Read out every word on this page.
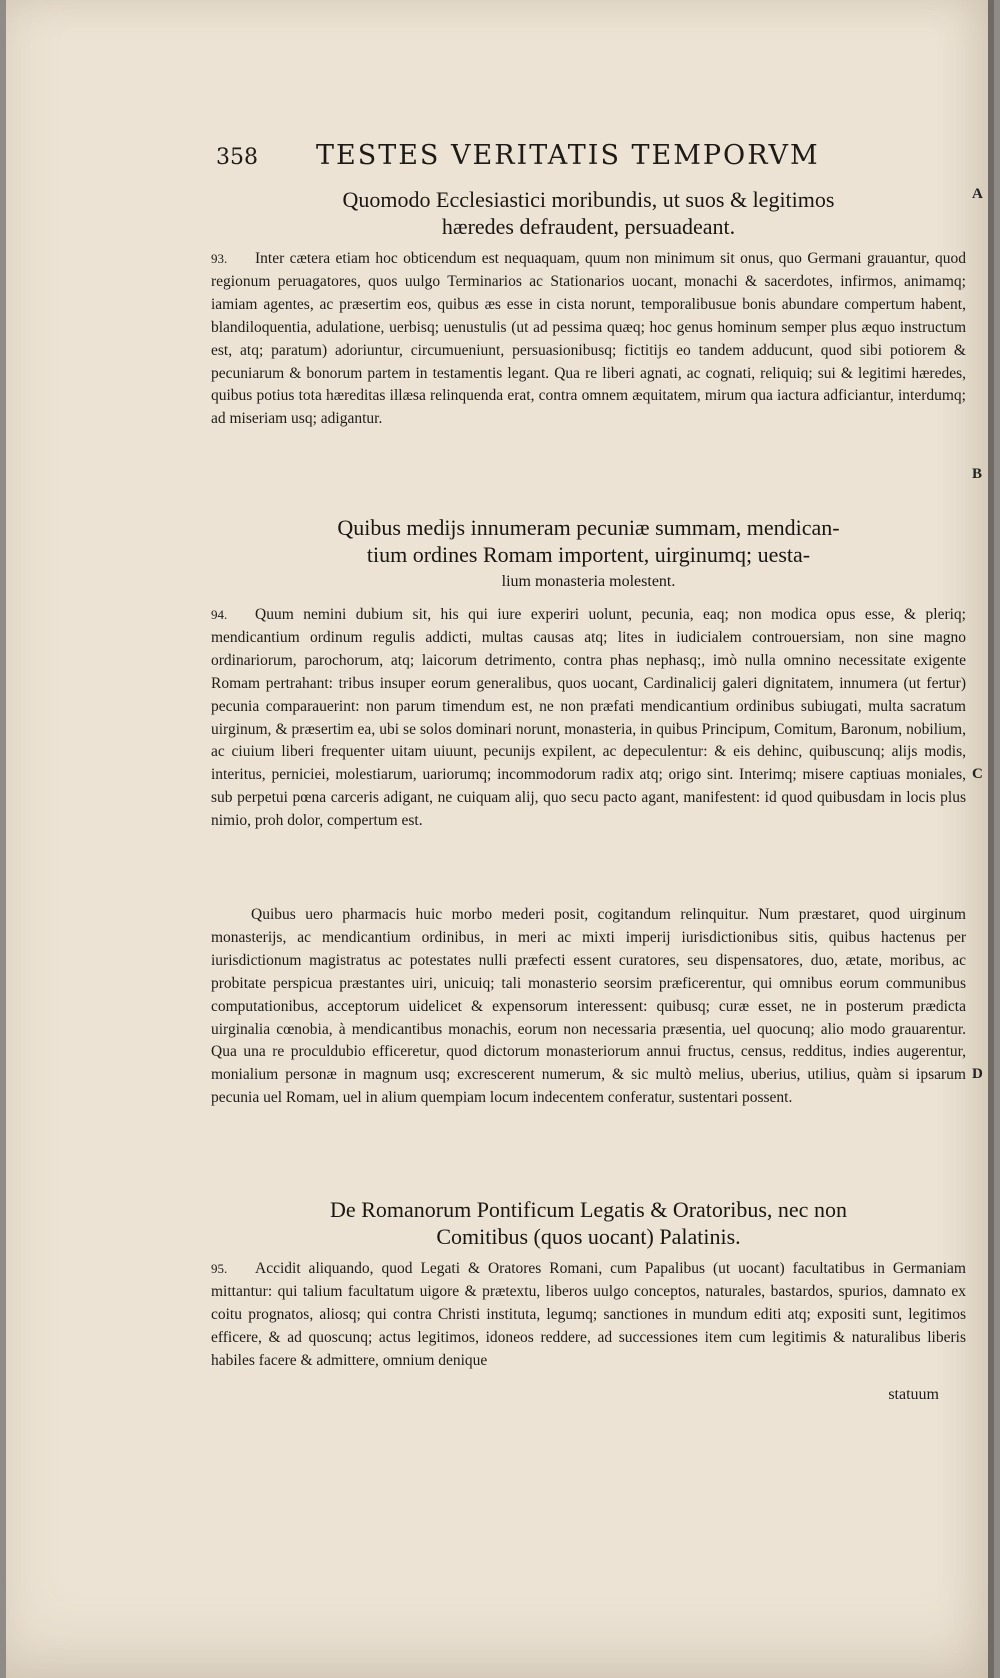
358	TESTES VERITATIS TEMPORVM
Quomodo Ecclesiastici moribundis, ut suos & legitimos
hæredes defraudent, persuadeant.
93. Inter cætera etiam hoc obticendum est nequaquam, quum non minimum sit onus, quo Germani grauantur, quod regionum peruagatores, quos uulgo Terminarios ac Stationarios uocant, monachi & sacerdotes, infirmos, animamq; iamiam agentes, ac præsertim eos, quibus æs esse in cista norunt, temporalibusue bonis abundare compertum habent, blandiloquentia, adulatione, uerbisq; uenustulis (ut ad pessima quæq; hoc genus hominum semper plus æquo instructum est, atq; paratum) adoriuntur, circumueniunt, persuasionibusq; fictitijs eo tandem adducunt, quod sibi potiorem & pecuniarum & bonorum partem in testamentis legant. Qua re liberi agnati, ac cognati, reliquiq; sui & legitimi hæredes, quibus potius tota hæreditas illæsa relinquenda erat, contra omnem æquitatem, mirum qua iactura adficiantur, interdumq; ad miseriam usq; adigantur.
Quibus medijs innumeram pecuniæ summam, mendican-
tium ordines Romam importent, uirginumq; uesta-
lium monasteria molestent.
94. Quum nemini dubium sit, his qui iure experiri uolunt, pecunia, eaq; non modica opus esse, & pleriq; mendicantium ordinum regulis addicti, multas causas atq; lites in iudicialem controuersiam, non sine magno ordinariorum, parochorum, atq; laicorum detrimento, contra phas nephasq;, imò nulla omnino necessitate exigente Romam pertrahant: tribus insuper eorum generalibus, quos uocant, Cardinalicij galeri dignitatem, innumera (ut fertur) pecunia comparauerint: non parum timendum est, ne non præfati mendicantium ordinibus subiugati, multa sacratum uirginum, & præsertim ea, ubi se solos dominari norunt, monasteria, in quibus Principum, Comitum, Baronum, nobilium, ac ciuium liberi frequenter uitam uiuunt, pecunijs expilent, ac depeculentur: & eis dehinc, quibuscunq; alijs modis, interitus, perniciei, molestiarum, uariorumq; incommodorum radix atq; origo sint. Interimq; misere captiuas moniales, sub perpetui pœna carceris adigant, ne cuiquam alij, quo secu pacto agant, manifestent: id quod quibusdam in locis plus nimio, proh dolor, compertum est.
Quibus uero pharmacis huic morbo mederi posit, cogitandum relinquitur. Num præstaret, quod uirginum monasterijs, ac mendicantium ordinibus, in meri ac mixti imperij iurisdictionibus sitis, quibus hactenus per iurisdictionum magistratus ac potestates nulli præfecti essent curatores, seu dispensatores, duo, ætate, moribus, ac probitate perspicua præstantes uiri, unicuiq; tali monasterio seorsim præficerentur, qui omnibus eorum communibus computationibus, acceptorum uidelicet & expensorum interessent: quibusq; curæ esset, ne in posterum prædicta uirginalia cœnobia, à mendicantibus monachis, eorum non necessaria præsentia, uel quocunq; alio modo grauarentur. Qua una re proculdubio efficeretur, quod dictorum monasteriorum annui fructus, census, redditus, indies augerentur, monialium personæ in magnum usq; excrescerent numerum, & sic multò melius, uberius, utilius, quàm si ipsarum pecunia uel Romam, uel in alium quempiam locum indecentem conferatur, sustentari possent.
De Romanorum Pontificum Legatis & Oratoribus, nec non
Comitibus (quos uocant) Palatinis.
95. Accidit aliquando, quod Legati & Oratores Romani, cum Papalibus (ut uocant) facultatibus in Germaniam mittantur: qui talium facultatum uigore & prætextu, liberos uulgo conceptos, naturales, bastardos, spurios, damnato ex coitu prognatos, aliosq; qui contra Christi instituta, legumq; sanctiones in mundum editi atq; expositi sunt, legitimos efficere, & ad quoscunq; actus legitimos, idoneos reddere, ad successiones item cum legitimis & naturalibus liberis habiles facere & admittere, omnium denique
statuum
A
B
C
D
